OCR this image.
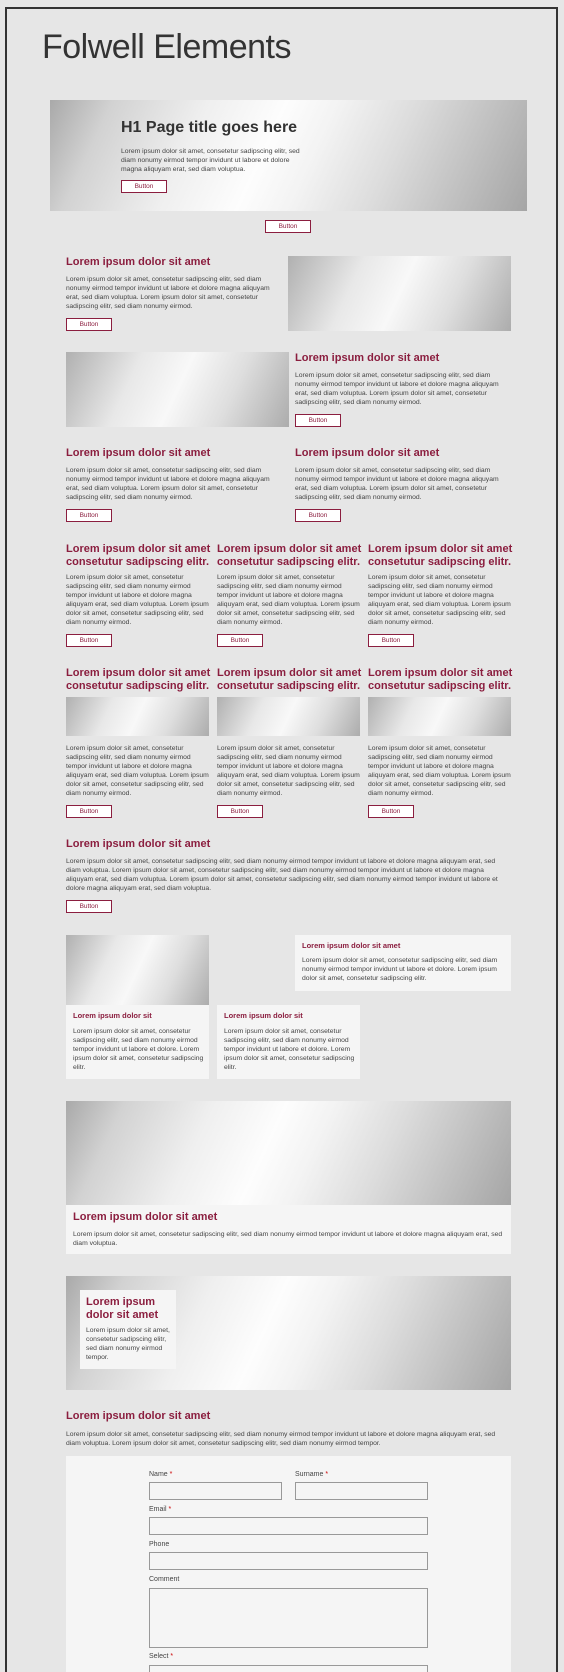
Folwell Elements
H1 Page title goes here
Lorem ipsum dolor sit amet, consetetur sadipscing elitr, sed diam nonumy eirmod tempor invidunt ut labore et dolore magna aliquyam erat, sed diam voluptua.
Button
Button
Lorem ipsum dolor sit amet
Lorem ipsum dolor sit amet, consetetur sadipscing elitr, sed diam nonumy eirmod tempor invidunt ut labore et dolore magna aliquyam erat, sed diam voluptua. Lorem ipsum dolor sit amet, consetetur sadipscing elitr, sed diam nonumy eirmod.
Button
Lorem ipsum dolor sit amet
Lorem ipsum dolor sit amet, consetetur sadipscing elitr, sed diam nonumy eirmod tempor invidunt ut labore et dolore magna aliquyam erat, sed diam voluptua. Lorem ipsum dolor sit amet, consetetur sadipscing elitr, sed diam nonumy eirmod.
Button
Lorem ipsum dolor sit amet
Lorem ipsum dolor sit amet, consetetur sadipscing elitr, sed diam nonumy eirmod tempor invidunt ut labore et dolore magna aliquyam erat, sed diam voluptua. Lorem ipsum dolor sit amet, consetetur sadipscing elitr, sed diam nonumy eirmod.
Button
Lorem ipsum dolor sit amet
Lorem ipsum dolor sit amet, consetetur sadipscing elitr, sed diam nonumy eirmod tempor invidunt ut labore et dolore magna aliquyam erat, sed diam voluptua. Lorem ipsum dolor sit amet, consetetur sadipscing elitr, sed diam nonumy eirmod.
Button
Lorem ipsum dolor sit amet consetutur sadipscing elitr.
Lorem ipsum dolor sit amet, consetetur sadipscing elitr, sed diam nonumy eirmod tempor invidunt ut labore et dolore magna aliquyam erat, sed diam voluptua. Lorem ipsum dolor sit amet, consetetur sadipscing elitr, sed diam nonumy eirmod.
Button
Lorem ipsum dolor sit amet consetutur sadipscing elitr.
Lorem ipsum dolor sit amet, consetetur sadipscing elitr, sed diam nonumy eirmod tempor invidunt ut labore et dolore magna aliquyam erat, sed diam voluptua. Lorem ipsum dolor sit amet, consetetur sadipscing elitr, sed diam nonumy eirmod.
Button
Lorem ipsum dolor sit amet consetutur sadipscing elitr.
Lorem ipsum dolor sit amet, consetetur sadipscing elitr, sed diam nonumy eirmod tempor invidunt ut labore et dolore magna aliquyam erat, sed diam voluptua. Lorem ipsum dolor sit amet, consetetur sadipscing elitr, sed diam nonumy eirmod.
Button
Lorem ipsum dolor sit amet consetutur sadipscing elitr.
Lorem ipsum dolor sit amet, consetetur sadipscing elitr, sed diam nonumy eirmod tempor invidunt ut labore et dolore magna aliquyam erat, sed diam voluptua. Lorem ipsum dolor sit amet, consetetur sadipscing elitr, sed diam nonumy eirmod.
Button
Lorem ipsum dolor sit amet consetutur sadipscing elitr.
Lorem ipsum dolor sit amet, consetetur sadipscing elitr, sed diam nonumy eirmod tempor invidunt ut labore et dolore magna aliquyam erat, sed diam voluptua. Lorem ipsum dolor sit amet, consetetur sadipscing elitr, sed diam nonumy eirmod.
Button
Lorem ipsum dolor sit amet consetutur sadipscing elitr.
Lorem ipsum dolor sit amet, consetetur sadipscing elitr, sed diam nonumy eirmod tempor invidunt ut labore et dolore magna aliquyam erat, sed diam voluptua. Lorem ipsum dolor sit amet, consetetur sadipscing elitr, sed diam nonumy eirmod.
Button
Lorem ipsum dolor sit amet
Lorem ipsum dolor sit amet, consetetur sadipscing elitr, sed diam nonumy eirmod tempor invidunt ut labore et dolore magna aliquyam erat, sed diam voluptua. Lorem ipsum dolor sit amet, consetetur sadipscing elitr, sed diam nonumy eirmod tempor invidunt ut labore et dolore magna aliquyam erat, sed diam voluptua. Lorem ipsum dolor sit amet, consetetur sadipscing elitr, sed diam nonumy eirmod tempor invidunt ut labore et dolore magna aliquyam erat, sed diam voluptua.
Button
Lorem ipsum dolor sit
Lorem ipsum dolor sit amet, consetetur sadipscing elitr, sed diam nonumy eirmod tempor invidunt ut labore et dolore. Lorem ipsum dolor sit amet, consetetur sadipscing elitr.
Lorem ipsum dolor sit
Lorem ipsum dolor sit amet, consetetur sadipscing elitr, sed diam nonumy eirmod tempor invidunt ut labore et dolore. Lorem ipsum dolor sit amet, consetetur sadipscing elitr.
Lorem ipsum dolor sit amet
Lorem ipsum dolor sit amet, consetetur sadipscing elitr, sed diam nonumy eirmod tempor invidunt ut labore et dolore. Lorem ipsum dolor sit amet, consetetur sadipscing elitr.
Lorem ipsum dolor sit amet
Lorem ipsum dolor sit amet, consetetur sadipscing elitr, sed diam nonumy eirmod tempor invidunt ut labore et dolore magna aliquyam erat, sed diam voluptua.
Lorem ipsum dolor sit amet
Lorem ipsum dolor sit amet, consetetur sadipscing elitr, sed diam nonumy eirmod tempor.
Lorem ipsum dolor sit amet
Lorem ipsum dolor sit amet, consetetur sadipscing elitr, sed diam nonumy eirmod tempor invidunt ut labore et dolore magna aliquyam erat, sed diam voluptua. Lorem ipsum dolor sit amet, consetetur sadipscing elitr, sed diam nonumy eirmod tempor.
Name *	Surname *
Email *
Phone
Comment
Select *
